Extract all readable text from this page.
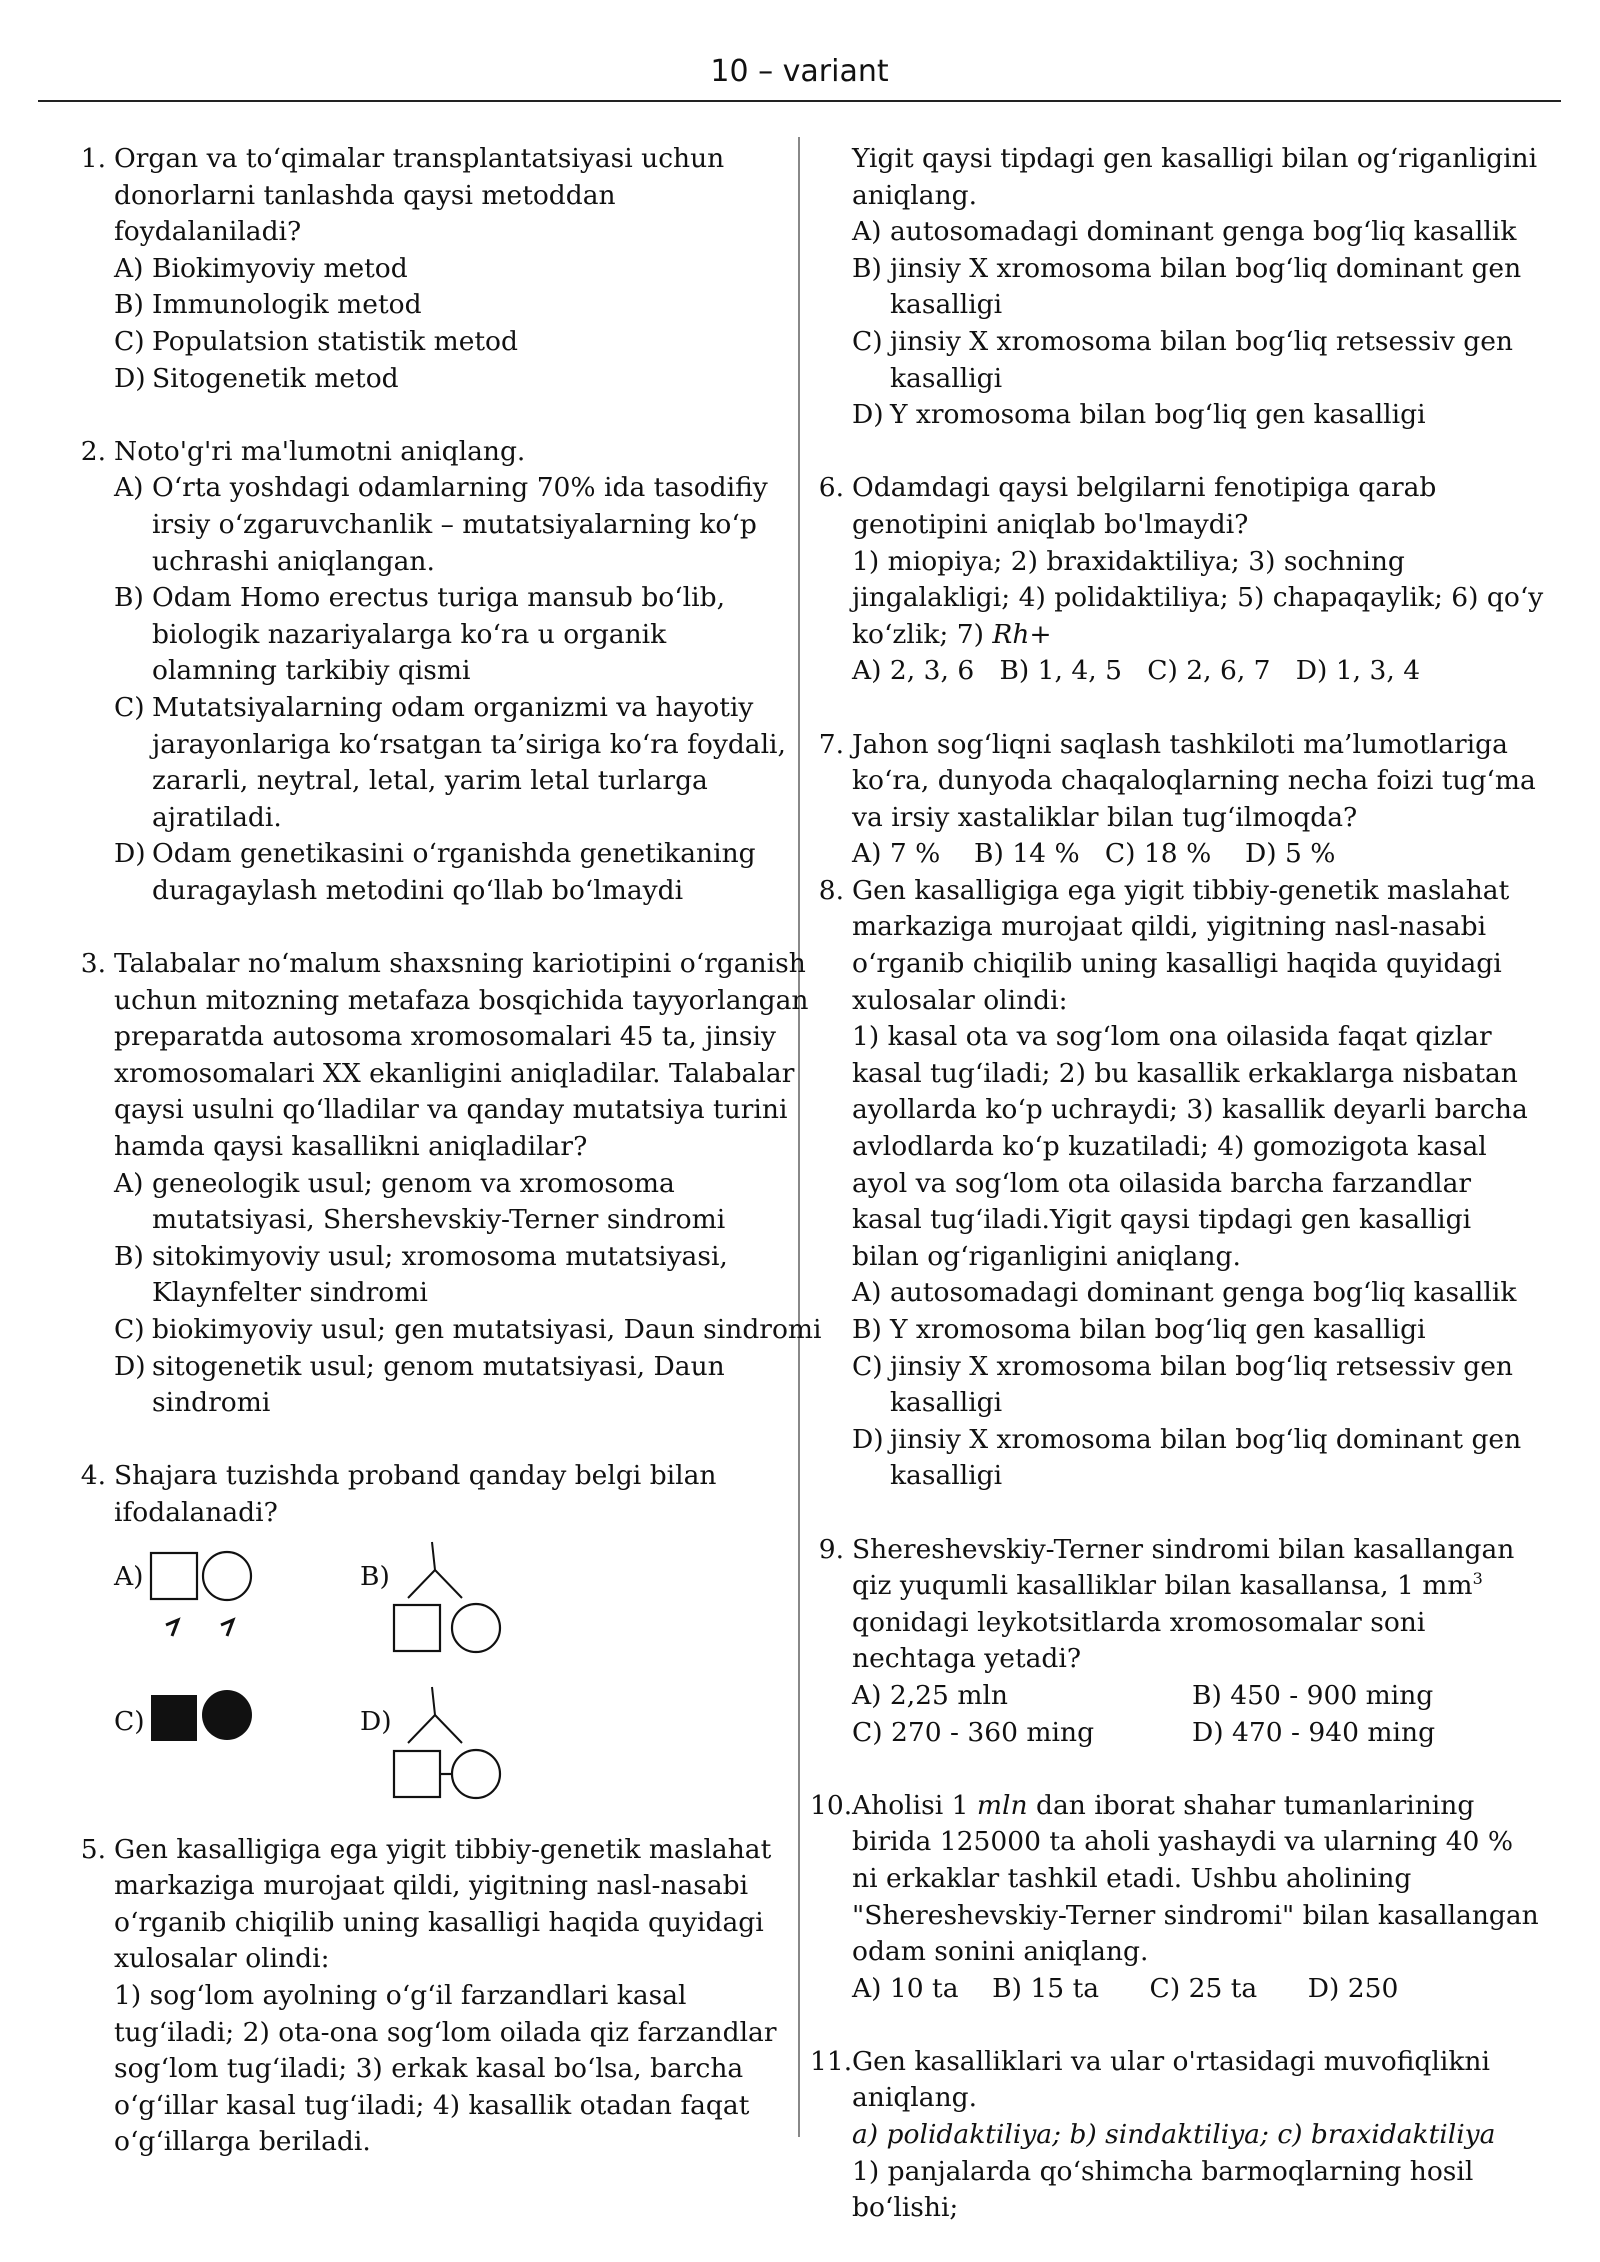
10 – variant
1. Organ va to‘qimalar transplantatsiyasi uchun donorlarni tanlashda qaysi metoddan foydalaniladi?
A) Biokimyoviy metod
B) Immunologik metod
C) Populatsion statistik metod
D) Sitogenetik metod
2. Noto'g'ri ma'lumotni aniqlang.
A) O‘rta yoshdagi odamlarning 70% ida tasodifiy irsiy o‘zgaruvchanlik – mutatsiyalarning ko‘p uchrashi aniqlangan.
B) Odam Homo erectus turiga mansub bo‘lib, biologik nazariyalarga ko‘ra u organik olamning tarkibiy qismi
C) Mutatsiyalarning odam organizmi va hayotiy jarayonlariga ko‘rsatgan ta’siriga ko‘ra foydali, zararli, neytral, letal, yarim letal turlarga ajratiladi.
D) Odam genetikasini o‘rganishda genetikaning duragaylash metodini qo‘llab bo‘lmaydi
3. Talabalar no‘malum shaxsning kariotipini o‘rganish uchun mitozning metafaza bosqichida tayyorlangan preparatda autosoma xromosomalari 45 ta, jinsiy xromosomalari XX ekanligini aniqladilar. Talabalar qaysi usulni qo‘lladilar va qanday mutatsiya turini hamda qaysi kasallikni aniqladilar?
A) geneologik usul; genom va xromosoma mutatsiyasi, Shershevskiy-Terner sindromi
B) sitokimyoviy usul; xromosoma mutatsiyasi, Klaynfelter sindromi
C) biokimyoviy usul; gen mutatsiyasi, Daun sindromi
D) sitogenetik usul; genom mutatsiyasi, Daun sindromi
4. Shajara tuzishda proband qanday belgi bilan ifodalanadi?
A)	B)
C)	D)
5. Gen kasalligiga ega yigit tibbiy-genetik maslahat markaziga murojaat qildi, yigitning nasl-nasabi o‘rganib chiqilib uning kasalligi haqida quyidagi xulosalar olindi:
1) sog‘lom ayolning o‘g‘il farzandlari kasal tug‘iladi; 2) ota-ona sog‘lom oilada qiz farzandlar sog‘lom tug‘iladi; 3) erkak kasal bo‘lsa, barcha o‘g‘illar kasal tug‘iladi; 4) kasallik otadan faqat o‘g‘illarga beriladi.
Yigit qaysi tipdagi gen kasalligi bilan og‘riganligini aniqlang.
A) autosomadagi dominant genga bog‘liq kasallik
B) jinsiy X xromosoma bilan bog‘liq dominant gen kasalligi
C) jinsiy X xromosoma bilan bog‘liq retsessiv gen kasalligi
D) Y xromosoma bilan bog‘liq gen kasalligi
6. Odamdagi qaysi belgilarni fenotipiga qarab genotipini aniqlab bo'lmaydi?
1) miopiya; 2) braxidaktiliya; 3) sochning jingalakligi; 4) polidaktiliya; 5) chapaqaylik; 6) qo‘y ko‘zlik; 7) Rh+
A) 2, 3, 6   B) 1, 4, 5   C) 2, 6, 7   D) 1, 3, 4
7. Jahon sog‘liqni saqlash tashkiloti ma’lumotlariga ko‘ra, dunyoda chaqaloqlarning necha foizi tug‘ma va irsiy xastaliklar bilan tug‘ilmoqda?
A) 7 %    B) 14 %   C) 18 %    D) 5 %
8. Gen kasalligiga ega yigit tibbiy-genetik maslahat markaziga murojaat qildi, yigitning nasl-nasabi o‘rganib chiqilib uning kasalligi haqida quyidagi xulosalar olindi:
1) kasal ota va sog‘lom ona oilasida faqat qizlar kasal tug‘iladi; 2) bu kasallik erkaklarga nisbatan ayollarda ko‘p uchraydi; 3) kasallik deyarli barcha avlodlarda ko‘p kuzatiladi; 4) gomozigota kasal ayol va sog‘lom ota oilasida barcha farzandlar kasal tug‘iladi.Yigit qaysi tipdagi gen kasalligi bilan og‘riganligini aniqlang.
A) autosomadagi dominant genga bog‘liq kasallik
B) Y xromosoma bilan bog‘liq gen kasalligi
C) jinsiy X xromosoma bilan bog‘liq retsessiv gen kasalligi
D) jinsiy X xromosoma bilan bog‘liq dominant gen kasalligi
9. Shereshevskiy-Terner sindromi bilan kasallangan qiz yuqumli kasalliklar bilan kasallansa, 1 $mm^3$ qonidagi leykotsitlarda xromosomalar soni nechtaga yetadi?
A) 2,25 mln	B) 450 - 900 ming
C) 270 - 360 ming	D) 470 - 940 ming
10. Aholisi 1 mln dan iborat shahar tumanlarining birida 125000 ta aholi yashaydi va ularning 40 % ni erkaklar tashkil etadi. Ushbu aholining "Shereshevskiy-Terner sindromi" bilan kasallangan odam sonini aniqlang.
A) 10 ta    B) 15 ta      C) 25 ta      D) 250
11. Gen kasalliklari va ular o'rtasidagi muvofiqlikni aniqlang.
a) polidaktiliya; b) sindaktiliya; c) braxidaktiliya
1) panjalarda qo‘shimcha barmoqlarning hosil bo‘lishi;
